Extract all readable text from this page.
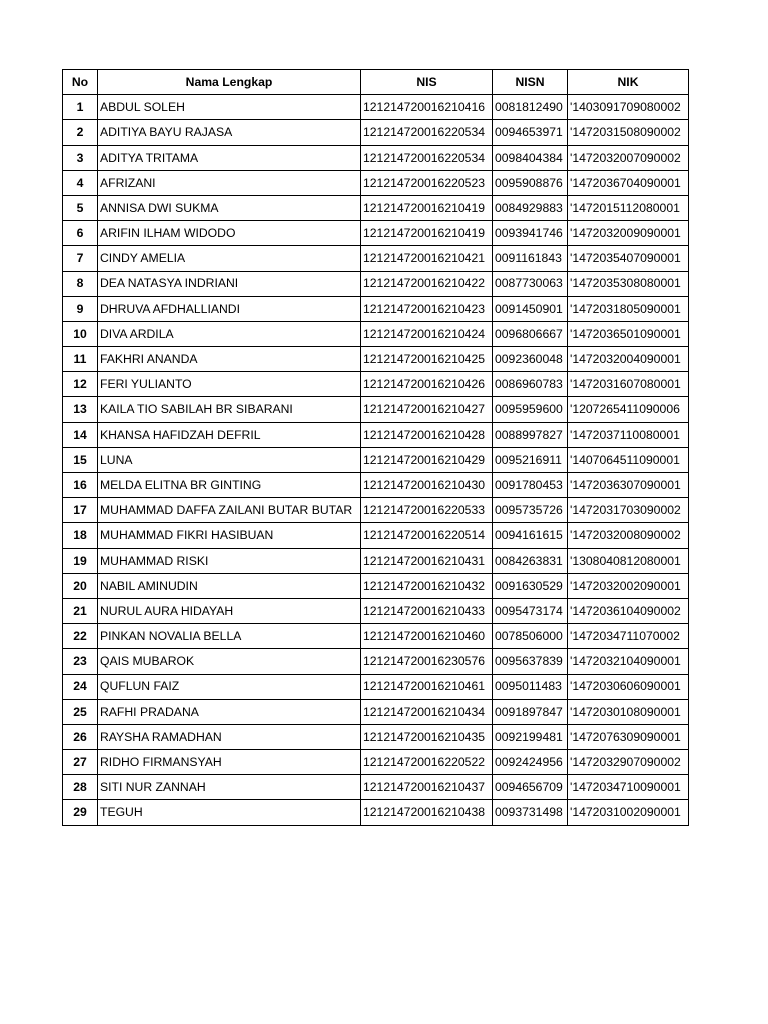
No	Nama Lengkap	NIS	NISN	NIK
1	ABDUL SOLEH	121214720016210416	0081812490	'1403091709080002
2	ADITIYA BAYU RAJASA	121214720016220534	0094653971	'1472031508090002
3	ADITYA TRITAMA	121214720016220534	0098404384	'1472032007090002
4	AFRIZANI	121214720016220523	0095908876	'1472036704090001
5	ANNISA DWI SUKMA	121214720016210419	0084929883	'1472015112080001
6	ARIFIN ILHAM WIDODO	121214720016210419	0093941746	'1472032009090001
7	CINDY AMELIA	121214720016210421	0091161843	'1472035407090001
8	DEA NATASYA INDRIANI	121214720016210422	0087730063	'1472035308080001
9	DHRUVA AFDHALLIANDI	121214720016210423	0091450901	'1472031805090001
10	DIVA ARDILA	121214720016210424	0096806667	'1472036501090001
11	FAKHRI ANANDA	121214720016210425	0092360048	'1472032004090001
12	FERI YULIANTO	121214720016210426	0086960783	'1472031607080001
13	KAILA TIO SABILAH BR SIBARANI	121214720016210427	0095959600	'1207265411090006
14	KHANSA HAFIDZAH DEFRIL	121214720016210428	0088997827	'1472037110080001
15	LUNA	121214720016210429	0095216911	'1407064511090001
16	MELDA ELITNA BR GINTING	121214720016210430	0091780453	'1472036307090001
17	MUHAMMAD DAFFA ZAILANI BUTAR BUTAR	121214720016220533	0095735726	'1472031703090002
18	MUHAMMAD FIKRI HASIBUAN	121214720016220514	0094161615	'1472032008090002
19	MUHAMMAD RISKI	121214720016210431	0084263831	'1308040812080001
20	NABIL AMINUDIN	121214720016210432	0091630529	'1472032002090001
21	NURUL AURA HIDAYAH	121214720016210433	0095473174	'1472036104090002
22	PINKAN NOVALIA BELLA	121214720016210460	0078506000	'1472034711070002
23	QAIS MUBAROK	121214720016230576	0095637839	'1472032104090001
24	QUFLUN FAIZ	121214720016210461	0095011483	'1472030606090001
25	RAFHI PRADANA	121214720016210434	0091897847	'1472030108090001
26	RAYSHA RAMADHAN	121214720016210435	0092199481	'1472076309090001
27	RIDHO FIRMANSYAH	121214720016220522	0092424956	'1472032907090002
28	SITI NUR ZANNAH	121214720016210437	0094656709	'1472034710090001
29	TEGUH	121214720016210438	0093731498	'1472031002090001
